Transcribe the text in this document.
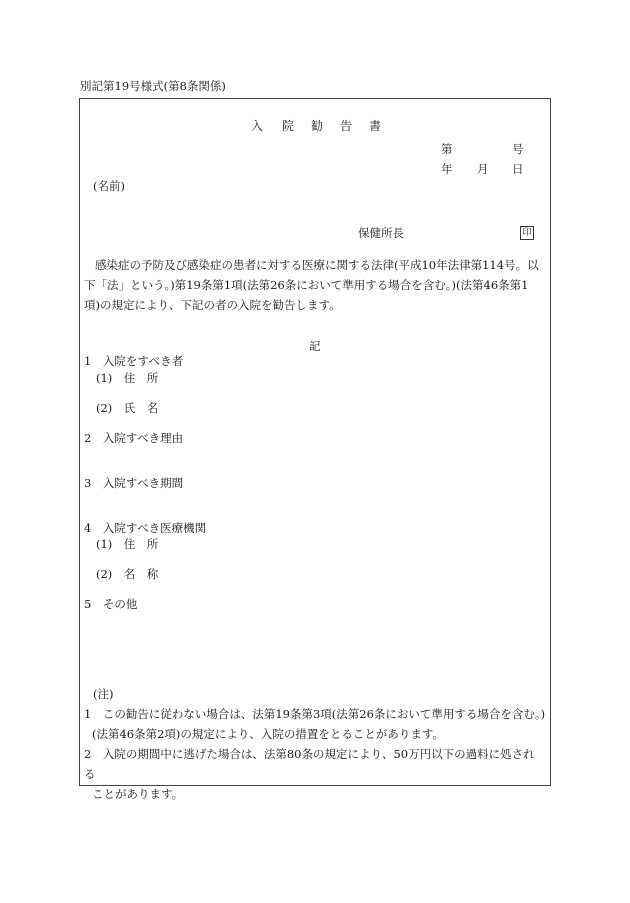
別記第19号様式(第8条関係)
入 院 勧 告 書
第	号
年 月 日
(名前)
保健所長	印
感染症の予防及び感染症の患者に対する医療に関する法律(平成10年法律第114号。以
下「法」という。)第19条第1項(法第26条において準用する場合を含む。)(法第46条第1
項)の規定により、下記の者の入院を勧告します。
記
1　入院をすべき者
(1)　住　所
(2)　氏　名
2　入院すべき理由
3　入院すべき期間
4　入院すべき医療機関
(1)　住　所
(2)　名　称
5　その他
(注)
1　この勧告に従わない場合は、法第19条第3項(法第26条において準用する場合を含む。)
(法第46条第2項)の規定により、入院の措置をとることがあります。
2　入院の期間中に逃げた場合は、法第80条の規定により、50万円以下の過料に処される
ことがあります。
